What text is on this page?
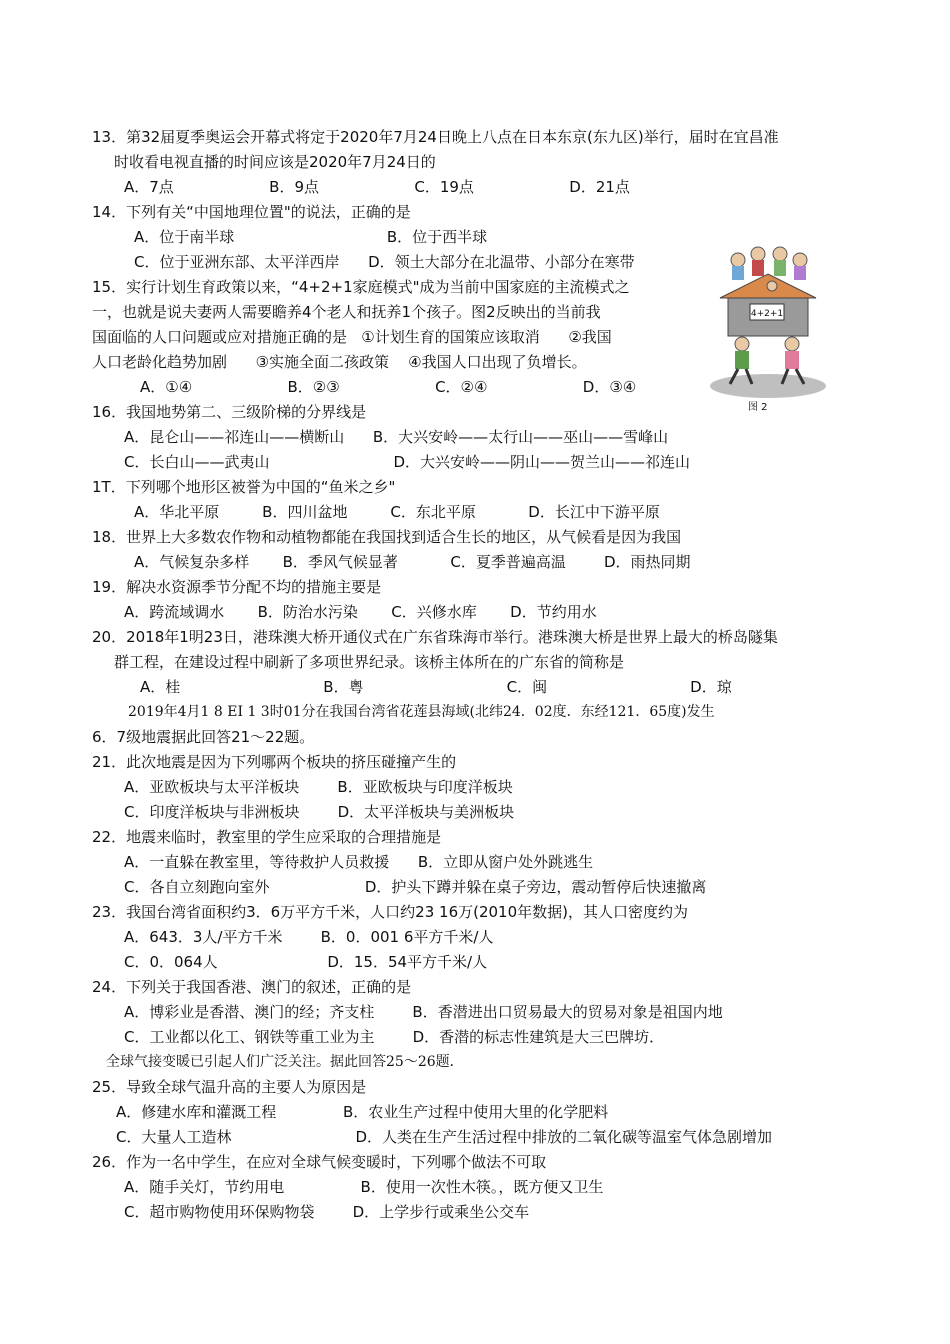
13．第32届夏季奥运会开幕式将定于2020年7月24日晚上八点在日本东京(东九区)举行，届时在宜昌准
时收看电视直播的时间应该是2020年7月24日的
A．7点                    B．9点                    C．19点                    D．21点
14．下列有关“中国地理位置"的说法，正确的是
A．位于南半球                                B．位于西半球
C．位于亚洲东部、太平洋西岸      D．领土大部分在北温带、小部分在寒带
15．实行计划生育政策以来，“4+2+1家庭模式"成为当前中国家庭的主流模式之
一，也就是说夫妻两人需要瞻养4个老人和抚养1个孩子。图2反映出的当前我
国面临的人口问题或应对措施正确的是   ①计划生育的国策应该取消      ②我国
人口老龄化趋势加剧      ③实施全面二孩政策    ④我国人口出现了负增长。
A．①④                    B．②③                    C．②④                    D．③④
16．我国地势第二、三级阶梯的分界线是
A．昆仑山——祁连山——横断山      B．大兴安岭——太行山——巫山——雪峰山
C．长白山——武夷山                          D．大兴安岭——阴山——贺兰山——祁连山
1T．下列哪个地形区被誉为中国的“鱼米之乡"
A．华北平原         B．四川盆地         C．东北平原           D．长江中下游平原
18．世界上大多数农作物和动植物都能在我国找到适合生长的地区，从气候看是因为我国
A．气候复杂多样       B．季风气候显著           C．夏季普遍高温        D．雨热同期
19．解决水资源季节分配不均的措施主要是
A．跨流域调水       B．防治水污染       C．兴修水库       D．节约用水
20．2018年1明23日，港珠澳大桥开通仪式在广东省珠海市举行。港珠澳大桥是世界上最大的桥岛隧集
群工程，在建设过程中刷新了多项世界纪录。该桥主体所在的广东省的简称是
A．桂                              B．粤                              C．闽                              D．琼
2019年4月1 8 EI 1 3时01分在我国台湾省花莲县海域(北纬24．02度．东经121．65度)发生
6．7级地震据此回答21～22题。
21．此次地震是因为下列哪两个板块的挤压碰撞产生的
A．亚欧板块与太平洋板块        B．亚欧板块与印度洋板块
C．印度洋板块与非洲板块        D．太平洋板块与美洲板块
22．地震来临时，教室里的学生应采取的合理措施是
A．一直躲在教室里，等待救护人员救援      B．立即从窗户处外跳逃生
C．各自立刻跑向室外                    D．护头下蹲并躲在桌子旁边，震动暂停后快速撤离
23．我国台湾省面积约3．6万平方千米，人口约23 16万(2010年数据)，其人口密度约为
A．643．3人/平方千米        B．0．001 6平方千米/人
C．0．064人                       D．15．54平方千米/人
24．下列关于我国香港、澳门的叙述，正确的是
A．博彩业是香潜、澳门的经；齐支柱        B．香潜进出口贸易最大的贸易对象是祖国内地
C．工业都以化工、钢铁等重工业为主        D．香潜的标志性建筑是大三巴牌坊．
全球气接变暖已引起人们广泛关注。据此回答25～26题．
25．导致全球气温升高的主要人为原因是
A．修建水库和灌溉工程              B．农业生产过程中使用大里的化学肥料
C．大量人工造林                          D．人类在生产生活过程中排放的二氧化碳等温室气体急剧增加
26．作为一名中学生，在应对全球气候变暖时，下列哪个做法不可取
A．随手关灯，节约用电                B．使用一次性木筷。，既方便又卫生
C．超市购物使用环保购物袋        D．上学步行或乘坐公交车
4+2+1
图 2
